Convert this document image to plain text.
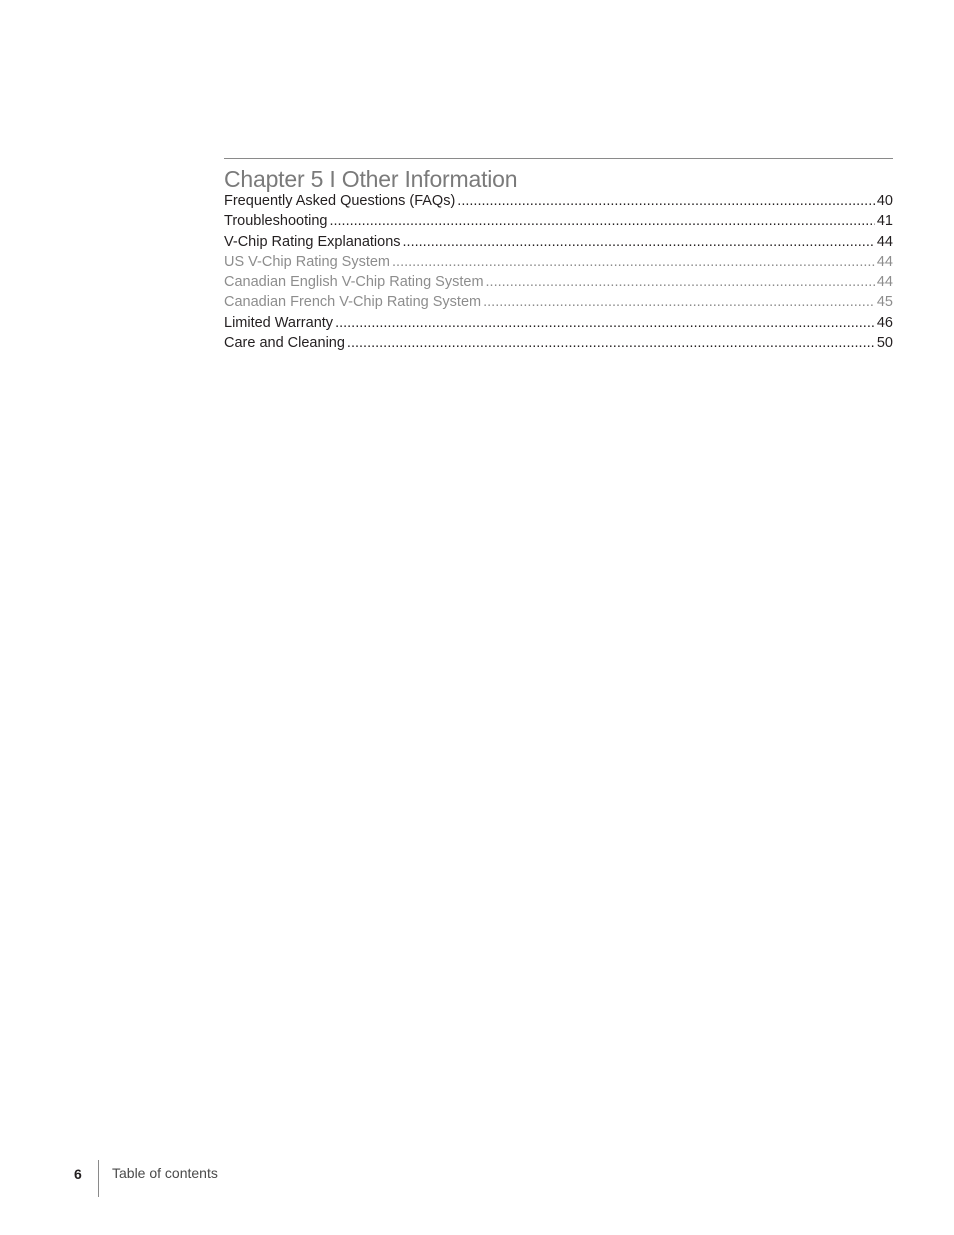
Chapter 5 I Other Information
Frequently Asked Questions (FAQs) .....	40
Troubleshooting .....	41
V-Chip Rating Explanations .....	44
US V-Chip Rating System .....	44
Canadian English V-Chip Rating System .....	44
Canadian French V-Chip Rating System .....	45
Limited Warranty .....	46
Care and Cleaning .....	50
6 Table of contents
